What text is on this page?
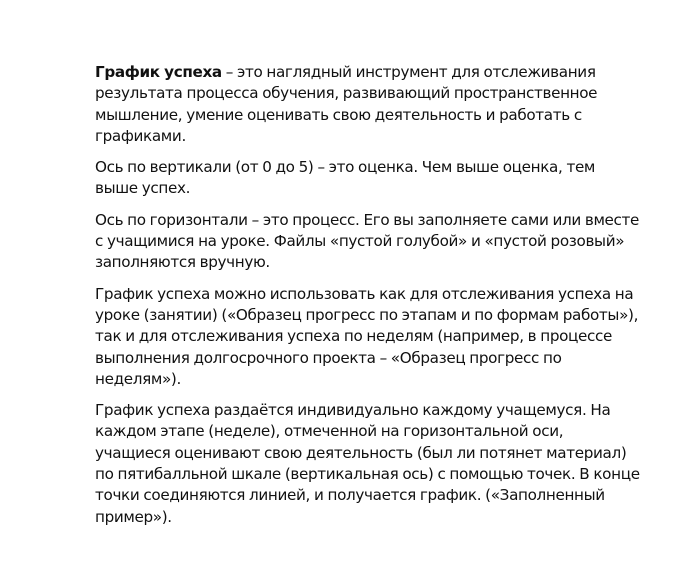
График успеха – это наглядный инструмент для отслеживания результата процесса обучения, развивающий пространственное мышление, умение оценивать свою деятельность и работать с графиками.

Ось по вертикали (от 0 до 5) – это оценка. Чем выше оценка, тем выше успех.

Ось по горизонтали – это процесс. Его вы заполняете сами или вместе с учащимися на уроке. Файлы «пустой голубой» и «пустой розовый» заполняются вручную.

График успеха можно использовать как для отслеживания успеха на уроке (занятии) («Образец прогресс по этапам и по формам работы»), так и для отслеживания успеха по неделям (например, в процессе выполнения долгосрочного проекта – «Образец прогресс по неделям»).

График успеха раздаётся индивидуально каждому учащемуся. На каждом этапе (неделе), отмеченной на горизонтальной оси, учащиеся оценивают свою деятельность (был ли потянет материал) по пятибалльной шкале (вертикальная ось) с помощью точек. В конце точки соединяются линией, и получается график. («Заполненный пример»).
